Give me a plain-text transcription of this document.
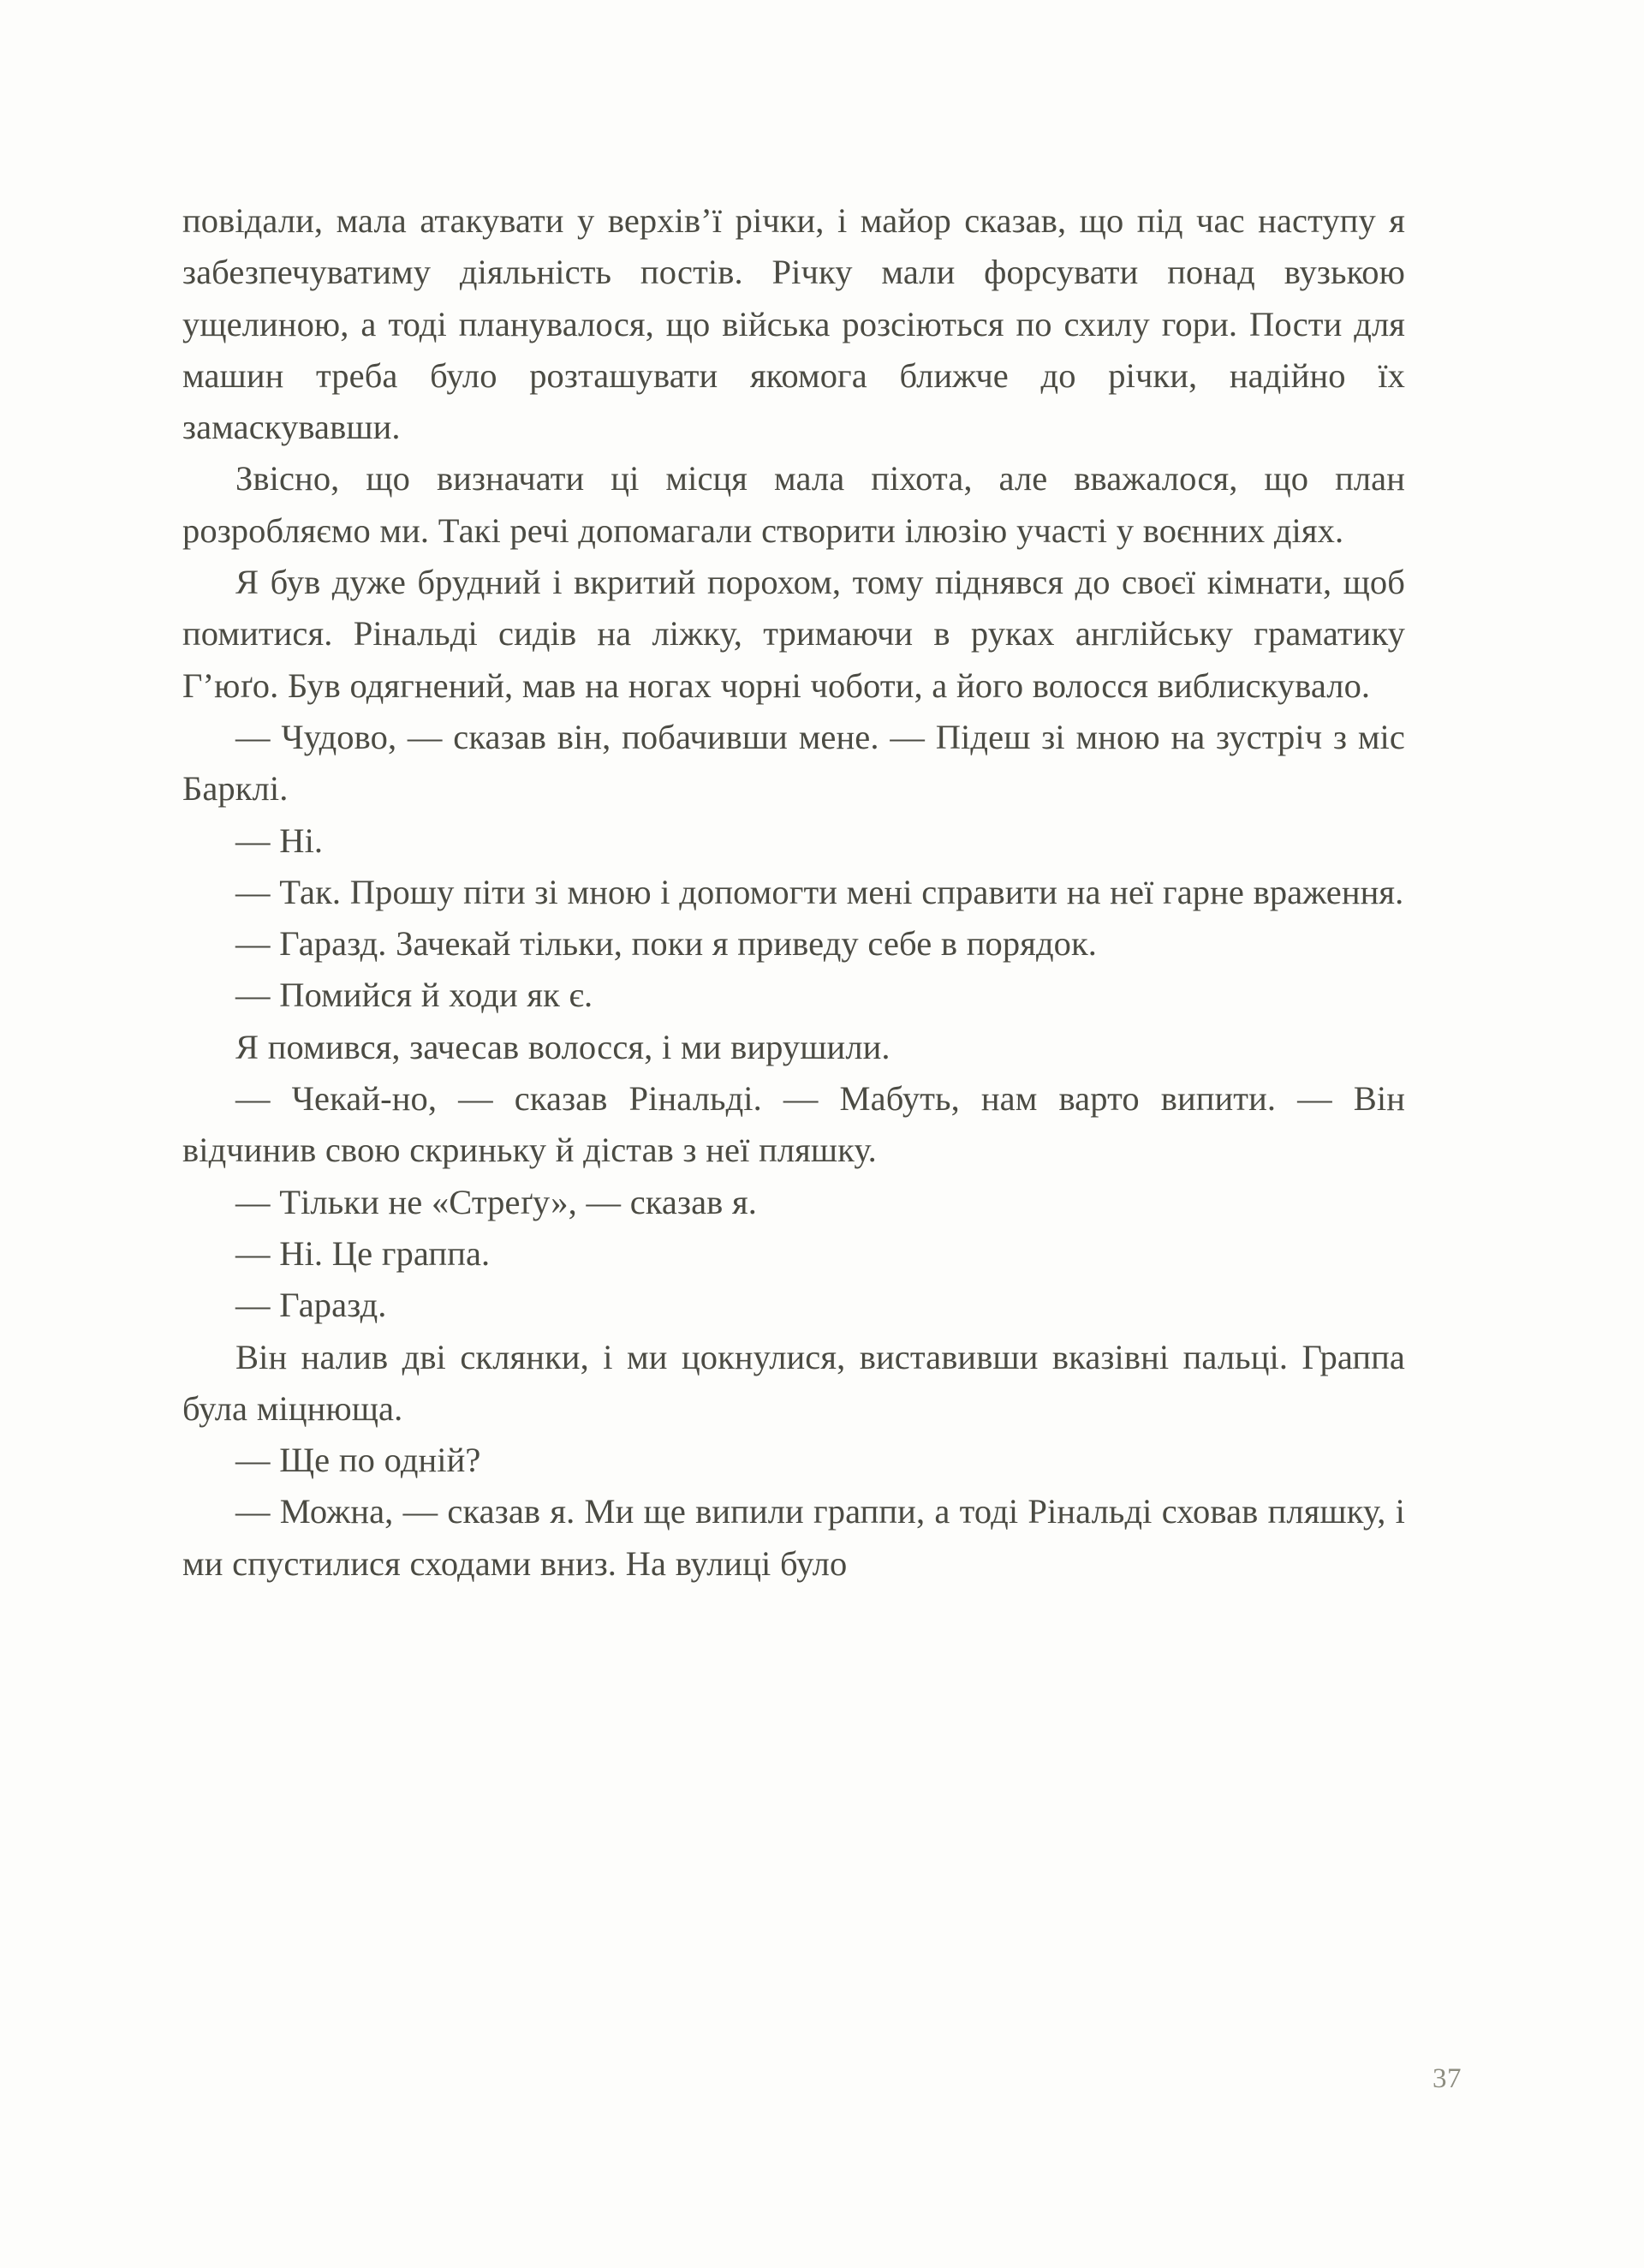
повідали, мала атакувати у верхів’ї річки, і майор сказав, що під час наступу я забезпечуватиму діяльність постів. Річку мали форсувати понад вузькою ущелиною, а тоді планувалося, що війська розсіються по схилу гори. Пости для машин треба було розташувати якомога ближче до річки, надійно їх замаскувавши.

Звісно, що визначати ці місця мала піхота, але вважалося, що план розробляємо ми. Такі речі допомагали створити ілюзію участі у воєнних діях.

Я був дуже брудний і вкритий порохом, тому піднявся до своєї кімнати, щоб помитися. Рінальді сидів на ліжку, тримаючи в руках англійську граматику Г’юґо. Був одягнений, мав на ногах чорні чоботи, а його волосся виблискувало.

— Чудово, — сказав він, побачивши мене. — Підеш зі мною на зустріч з міс Барклі.

— Ні.

— Так. Прошу піти зі мною і допомогти мені справити на неї гарне враження.

— Гаразд. Зачекай тільки, поки я приведу себе в порядок.

— Помийся й ходи як є.

Я помився, зачесав волосся, і ми вирушили.

— Чекай-но, — сказав Рінальді. — Мабуть, нам варто випити. — Він відчинив свою скриньку й дістав з неї пляшку.

— Тільки не «Стреґу», — сказав я.

— Ні. Це граппа.

— Гаразд.

Він налив дві склянки, і ми цокнулися, виставивши вказівні пальці. Граппа була міцнюща.

— Ще по одній?

— Можна, — сказав я. Ми ще випили граппи, а тоді Рінальді сховав пляшку, і ми спустилися сходами вниз. На вулиці було

37
